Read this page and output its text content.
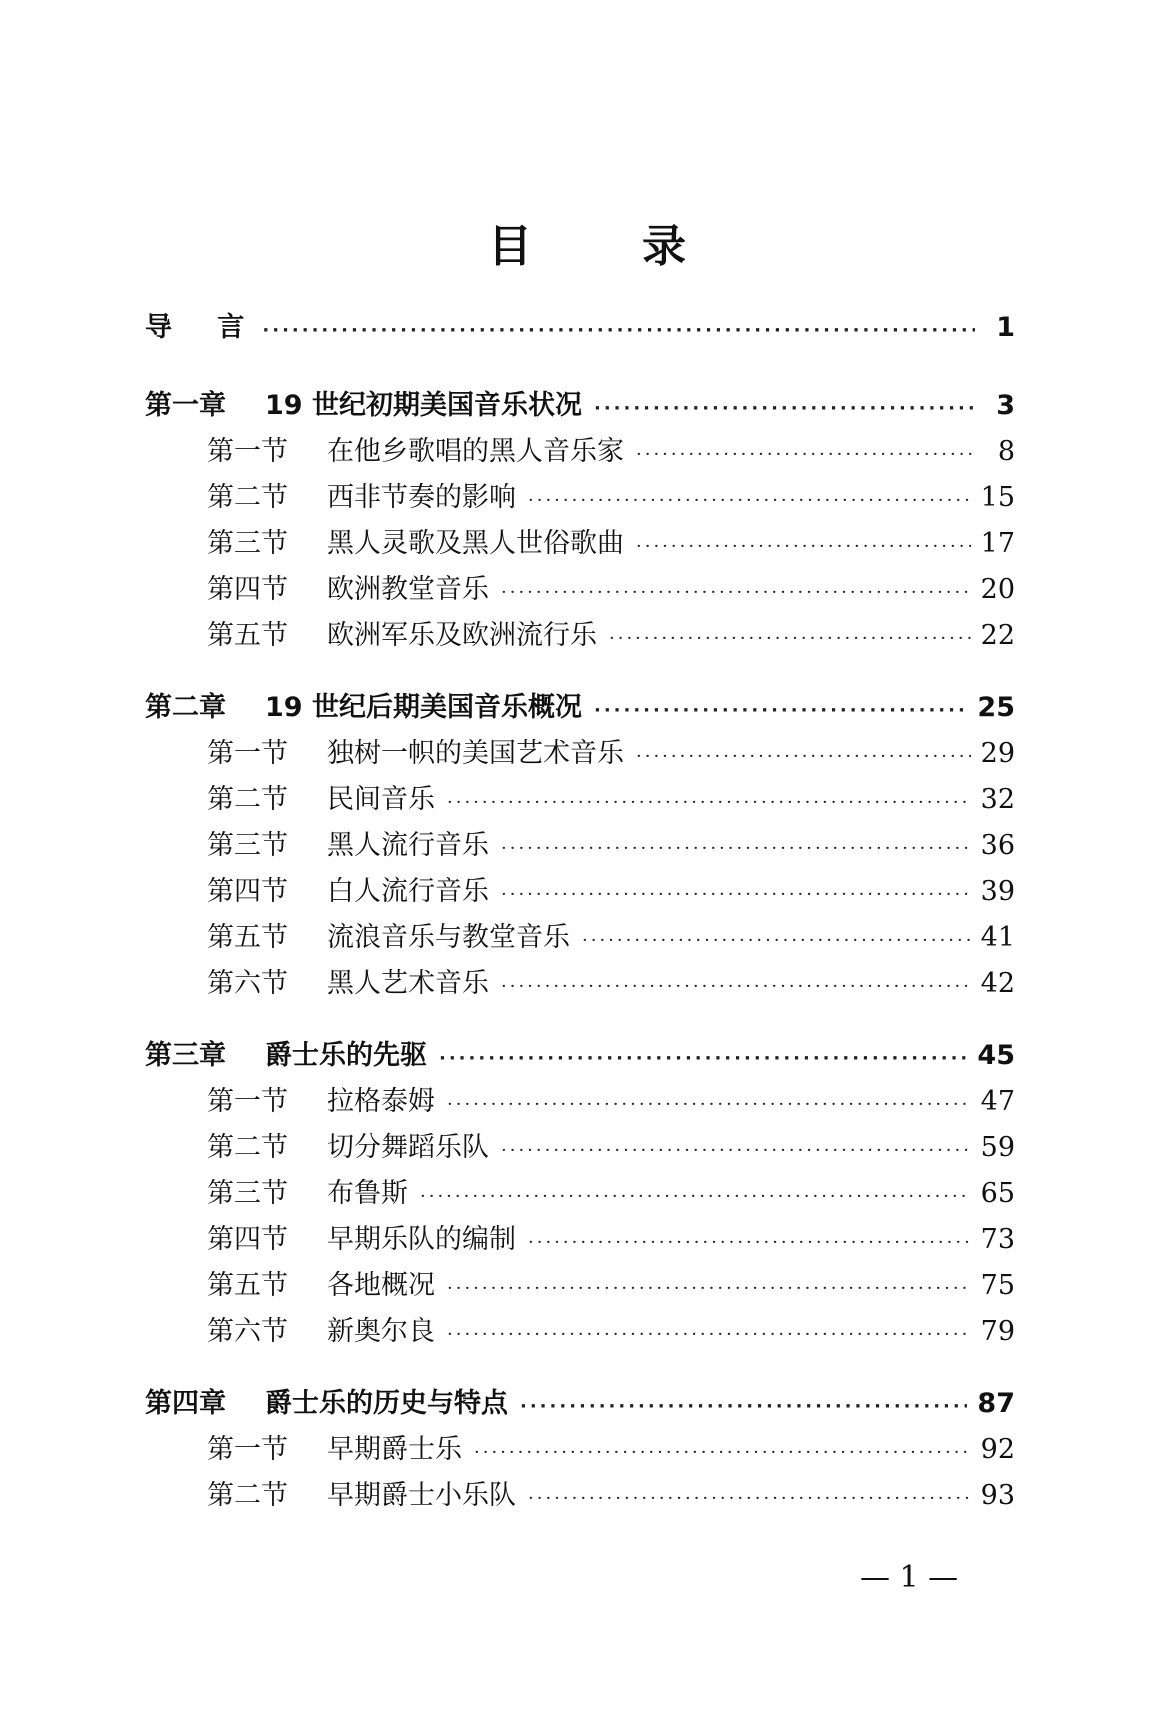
目	录
导 言 ·····	1
第一章	19 世纪初期美国音乐状况 ·····	3
第一节	在他乡歌唱的黑人音乐家 ·····	8
第二节	西非节奏的影响 ·····	15
第三节	黑人灵歌及黑人世俗歌曲 ·····	17
第四节	欧洲教堂音乐 ·····	20
第五节	欧洲军乐及欧洲流行乐 ·····	22
第二章	19 世纪后期美国音乐概况 ·····	25
第一节	独树一帜的美国艺术音乐 ·····	29
第二节	民间音乐 ·····	32
第三节	黑人流行音乐 ·····	36
第四节	白人流行音乐 ·····	39
第五节	流浪音乐与教堂音乐 ·····	41
第六节	黑人艺术音乐 ·····	42
第三章	爵士乐的先驱 ·····	45
第一节	拉格泰姆 ·····	47
第二节	切分舞蹈乐队 ·····	59
第三节	布鲁斯 ·····	65
第四节	早期乐队的编制 ·····	73
第五节	各地概况 ·····	75
第六节	新奥尔良 ·····	79
第四章	爵士乐的历史与特点 ·····	87
第一节	早期爵士乐 ·····	92
第二节	早期爵士小乐队 ·····	93
— 1 —
